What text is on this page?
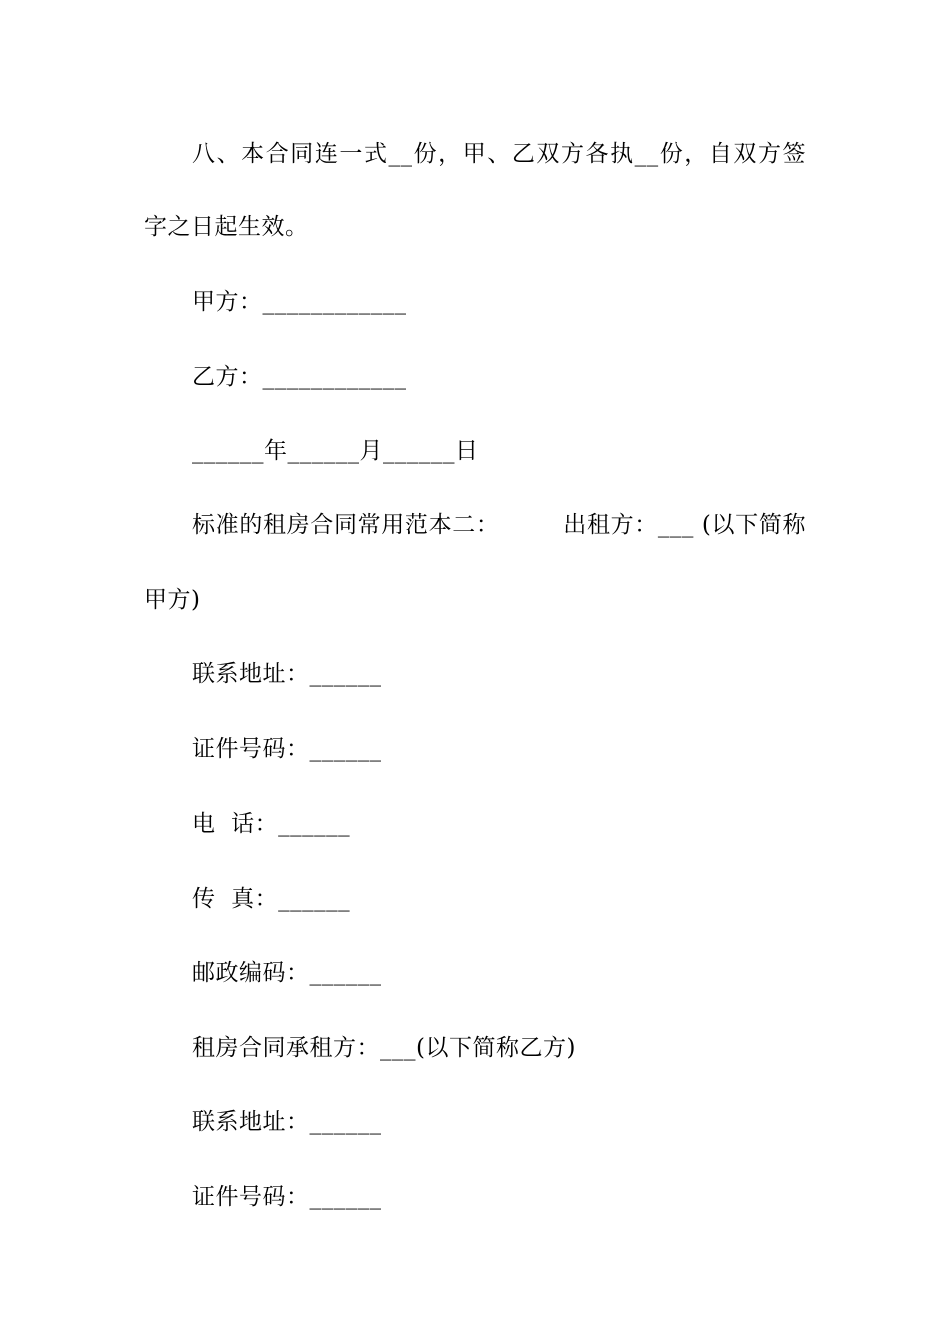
八、本合同连一式__份，甲、乙双方各执__份，自双方签
字之日起生效。
甲方：____________
乙方：____________
______年______月______日
标准的租房合同常用范本二：        出租方：___ (以下简称
甲方)
联系地址：______
证件号码：______
电  话：______
传  真：______
邮政编码：______
租房合同承租方：___(以下简称乙方)
联系地址：______
证件号码：______
